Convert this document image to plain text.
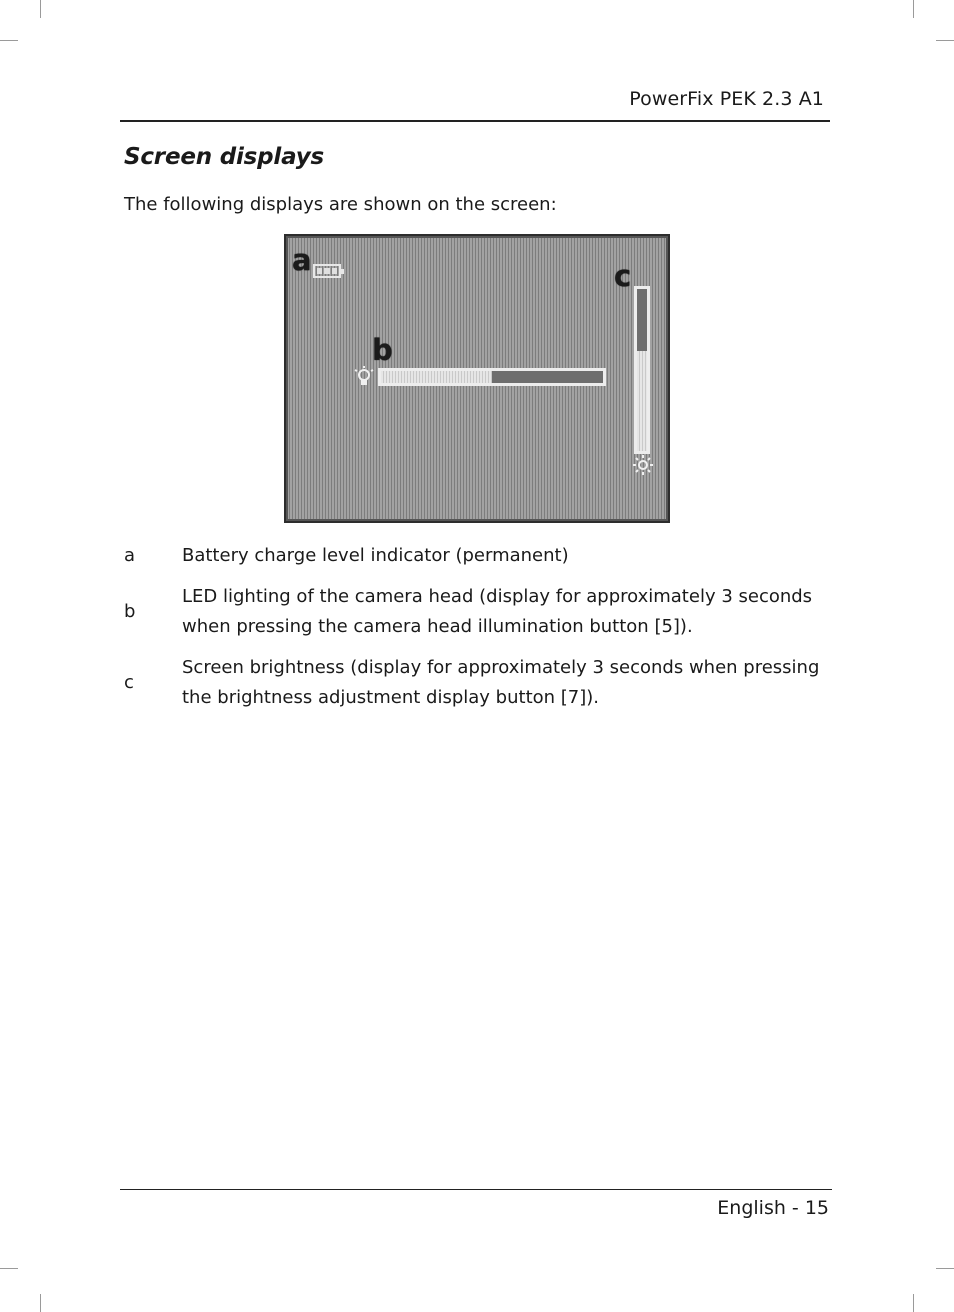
PowerFix PEK 2.3 A1
Screen displays

The following displays are shown on the screen:

a
b
c
a	Battery charge level indicator (permanent)
b
LED lighting of the camera head (display for approximately 3 seconds when pressing the camera head illumination button [5]).
c
Screen brightness (display for approximately 3 seconds when pressing the brightness adjustment display button [7]).
English - 15
